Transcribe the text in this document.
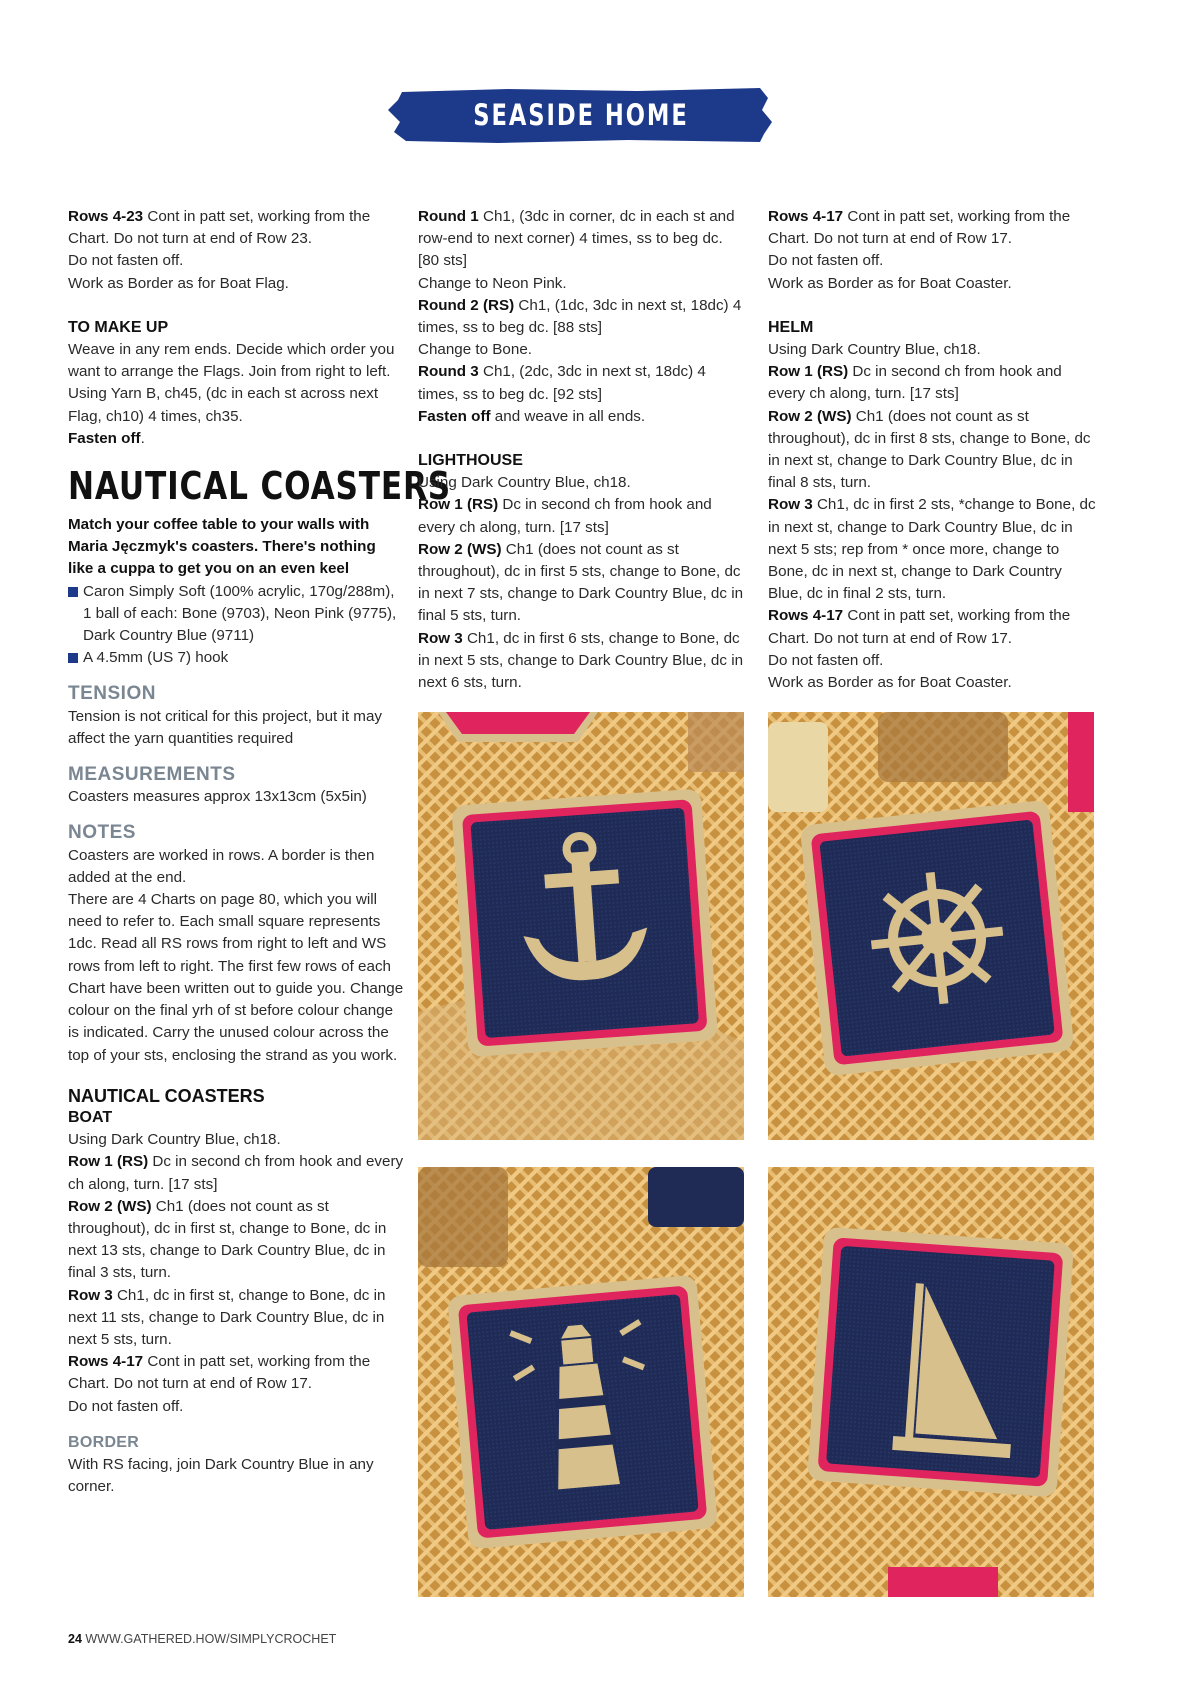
SEASIDE HOME COLLECTION

Rows 4-23 Cont in patt set, working from the Chart. Do not turn at end of Row 23.

Do not fasten off.

Work as Border as for Boat Flag.

TO MAKE UP

Weave in any rem ends. Decide which order you want to arrange the Flags. Join from right to left.

Using Yarn B, ch45, (dc in each st across next Flag, ch10) 4 times, ch35.

Fasten off.

NAUTICAL COASTERS

Match your coffee table to your walls with Maria Jęczmyk's coasters. There's nothing like a cuppa to get you on an even keel

Caron Simply Soft (100% acrylic, 170g/288m), 1 ball of each: Bone (9703), Neon Pink (9775), Dark Country Blue (9711)

A 4.5mm (US 7) hook

TENSION

Tension is not critical for this project, but it may affect the yarn quantities required

MEASUREMENTS

Coasters measures approx 13x13cm (5x5in)

NOTES

Coasters are worked in rows. A border is then added at the end.

There are 4 Charts on page 80, which you will need to refer to. Each small square represents 1dc. Read all RS rows from right to left and WS rows from left to right. The first few rows of each Chart have been written out to guide you. Change colour on the final yrh of st before colour change is indicated. Carry the unused colour across the top of your sts, enclosing the strand as you work.

NAUTICAL COASTERS

BOAT

Using Dark Country Blue, ch18.

Row 1 (RS) Dc in second ch from hook and every ch along, turn. [17 sts]

Row 2 (WS) Ch1 (does not count as st throughout), dc in first st, change to Bone, dc in next 13 sts, change to Dark Country Blue, dc in final 3 sts, turn.

Row 3 Ch1, dc in first st, change to Bone, dc in next 11 sts, change to Dark Country Blue, dc in next 5 sts, turn.

Rows 4-17 Cont in patt set, working from the Chart. Do not turn at end of Row 17.

Do not fasten off.

BORDER

With RS facing, join Dark Country Blue in any corner.

Round 1 Ch1, (3dc in corner, dc in each st and row-end to next corner) 4 times, ss to beg dc. [80 sts]

Change to Neon Pink.

Round 2 (RS) Ch1, (1dc, 3dc in next st, 18dc) 4 times, ss to beg dc. [88 sts]

Change to Bone.

Round 3 Ch1, (2dc, 3dc in next st, 18dc) 4 times, ss to beg dc. [92 sts]

Fasten off and weave in all ends.

LIGHTHOUSE

Using Dark Country Blue, ch18.

Row 1 (RS) Dc in second ch from hook and every ch along, turn. [17 sts]

Row 2 (WS) Ch1 (does not count as st throughout), dc in first 5 sts, change to Bone, dc in next 7 sts, change to Dark Country Blue, dc in final 5 sts, turn.

Row 3 Ch1, dc in first 6 sts, change to Bone, dc in next 5 sts, change to Dark Country Blue, dc in next 6 sts, turn.

Rows 4-17 Cont in patt set, working from the Chart. Do not turn at end of Row 17.

Do not fasten off.

Work as Border as for Boat Coaster.

HELM

Using Dark Country Blue, ch18.

Row 1 (RS) Dc in second ch from hook and every ch along, turn. [17 sts]

Row 2 (WS) Ch1 (does not count as st throughout), dc in first 8 sts, change to Bone, dc in next st, change to Dark Country Blue, dc in final 8 sts, turn.

Row 3 Ch1, dc in first 2 sts, *change to Bone, dc in next st, change to Dark Country Blue, dc in next 5 sts; rep from * once more, change to Bone, dc in next st, change to Dark Country Blue, dc in final 2 sts, turn.

Rows 4-17 Cont in patt set, working from the Chart. Do not turn at end of Row 17.

Do not fasten off.

Work as Border as for Boat Coaster.

24 WWW.GATHERED.HOW/SIMPLYCROCHET
